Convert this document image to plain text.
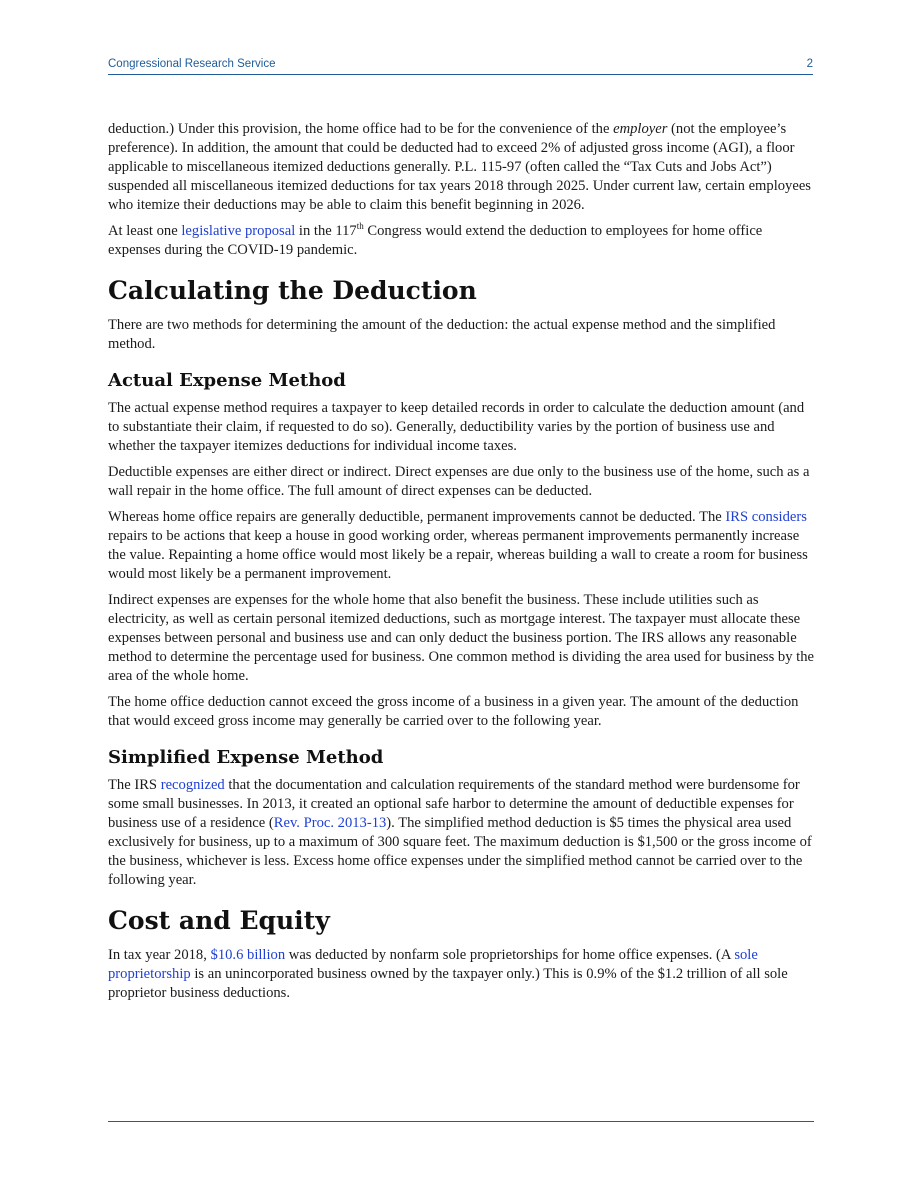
Congressional Research Service	2

deduction.) Under this provision, the home office had to be for the convenience of the employer (not the employee’s preference). In addition, the amount that could be deducted had to exceed 2% of adjusted gross income (AGI), a floor applicable to miscellaneous itemized deductions generally. P.L. 115-97 (often called the “Tax Cuts and Jobs Act”) suspended all miscellaneous itemized deductions for tax years 2018 through 2025. Under current law, certain employees who itemize their deductions may be able to claim this benefit beginning in 2026.

At least one legislative proposal in the 117th Congress would extend the deduction to employees for home office expenses during the COVID-19 pandemic.

Calculating the Deduction

There are two methods for determining the amount of the deduction: the actual expense method and the simplified method.

Actual Expense Method

The actual expense method requires a taxpayer to keep detailed records in order to calculate the deduction amount (and to substantiate their claim, if requested to do so). Generally, deductibility varies by the portion of business use and whether the taxpayer itemizes deductions for individual income taxes.

Deductible expenses are either direct or indirect. Direct expenses are due only to the business use of the home, such as a wall repair in the home office. The full amount of direct expenses can be deducted.

Whereas home office repairs are generally deductible, permanent improvements cannot be deducted. The IRS considers repairs to be actions that keep a house in good working order, whereas permanent improvements permanently increase the value. Repainting a home office would most likely be a repair, whereas building a wall to create a room for business would most likely be a permanent improvement.

Indirect expenses are expenses for the whole home that also benefit the business. These include utilities such as electricity, as well as certain personal itemized deductions, such as mortgage interest. The taxpayer must allocate these expenses between personal and business use and can only deduct the business portion. The IRS allows any reasonable method to determine the percentage used for business. One common method is dividing the area used for business by the area of the whole home.

The home office deduction cannot exceed the gross income of a business in a given year. The amount of the deduction that would exceed gross income may generally be carried over to the following year.

Simplified Expense Method

The IRS recognized that the documentation and calculation requirements of the standard method were burdensome for some small businesses. In 2013, it created an optional safe harbor to determine the amount of deductible expenses for business use of a residence (Rev. Proc. 2013-13). The simplified method deduction is $5 times the physical area used exclusively for business, up to a maximum of 300 square feet. The maximum deduction is $1,500 or the gross income of the business, whichever is less. Excess home office expenses under the simplified method cannot be carried over to the following year.

Cost and Equity

In tax year 2018, $10.6 billion was deducted by nonfarm sole proprietorships for home office expenses. (A sole proprietorship is an unincorporated business owned by the taxpayer only.) This is 0.9% of the $1.2 trillion of all sole proprietor business deductions.
